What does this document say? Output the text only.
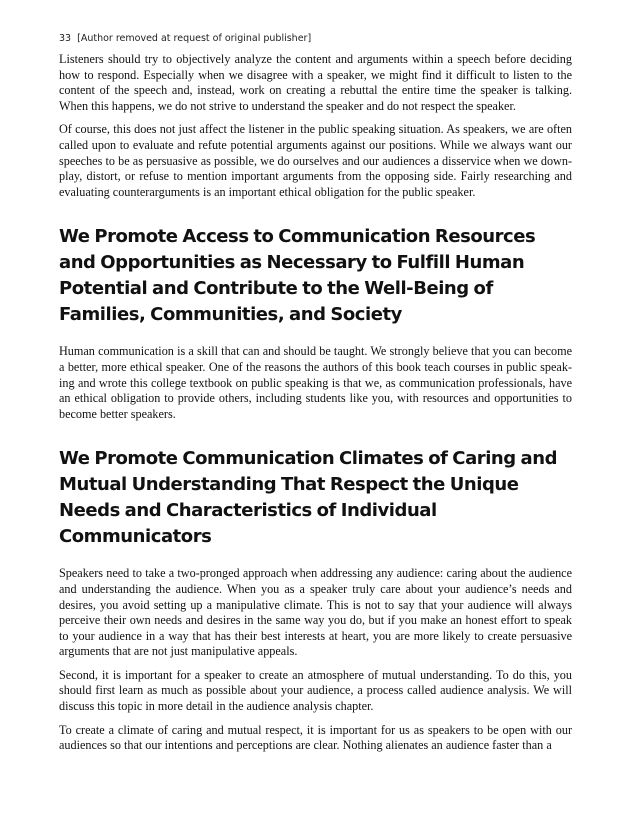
33 [Author removed at request of original publisher]

Listeners should try to objectively analyze the content and arguments within a speech before deciding how to respond. Especially when we disagree with a speaker, we might find it difficult to listen to the content of the speech and, instead, work on creating a rebuttal the entire time the speaker is talking. When this happens, we do not strive to understand the speaker and do not respect the speaker.

Of course, this does not just affect the listener in the public speaking situation. As speakers, we are often called upon to evaluate and refute potential arguments against our positions. While we always want our speeches to be as persuasive as possible, we do ourselves and our audiences a disservice when we downplay, distort, or refuse to mention important arguments from the opposing side. Fairly researching and evaluating counterarguments is an important ethical obligation for the public speaker.

We Promote Access to Communication Resources and Opportunities as Necessary to Fulfill Human Potential and Contribute to the Well-Being of Families, Communities, and Society

Human communication is a skill that can and should be taught. We strongly believe that you can become a better, more ethical speaker. One of the reasons the authors of this book teach courses in public speaking and wrote this college textbook on public speaking is that we, as communication professionals, have an ethical obligation to provide others, including students like you, with resources and opportunities to become better speakers.

We Promote Communication Climates of Caring and Mutual Understanding That Respect the Unique Needs and Characteristics of Individual Communicators

Speakers need to take a two-pronged approach when addressing any audience: caring about the audience and understanding the audience. When you as a speaker truly care about your audience’s needs and desires, you avoid setting up a manipulative climate. This is not to say that your audience will always perceive their own needs and desires in the same way you do, but if you make an honest effort to speak to your audience in a way that has their best interests at heart, you are more likely to create persuasive arguments that are not just manipulative appeals.

Second, it is important for a speaker to create an atmosphere of mutual understanding. To do this, you should first learn as much as possible about your audience, a process called audience analysis. We will discuss this topic in more detail in the audience analysis chapter.

To create a climate of caring and mutual respect, it is important for us as speakers to be open with our audiences so that our intentions and perceptions are clear. Nothing alienates an audience faster than a
